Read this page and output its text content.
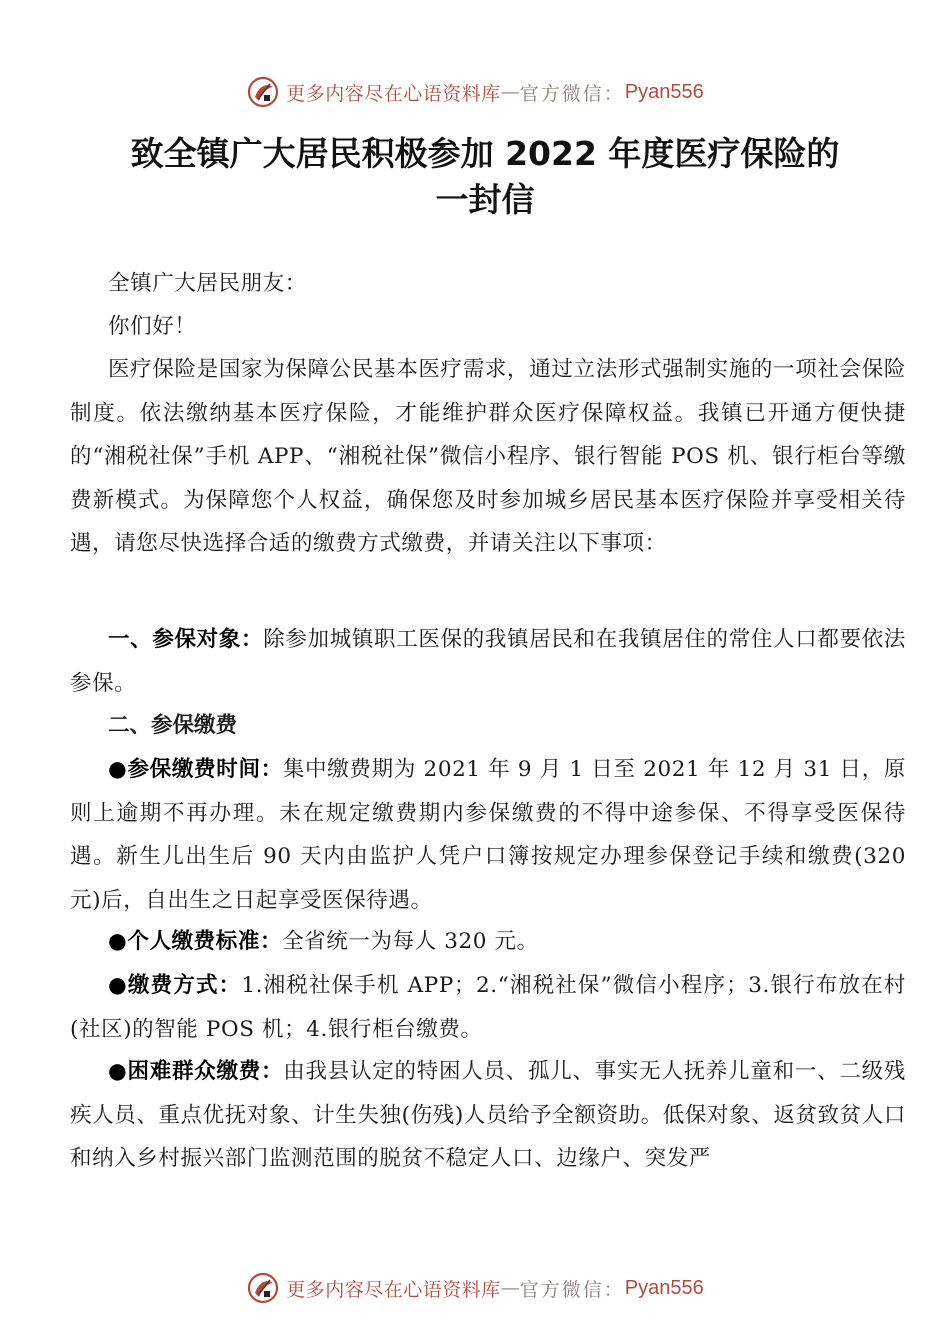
更多内容尽在心语资料库 — 官方微信： Pyan556
致全镇广大居民积极参加 2022 年度医疗保险的
一封信
全镇广大居民朋友：
你们好！

医疗保险是国家为保障公民基本医疗需求，通过立法形式强制实施的一项社会保险制度。依法缴纳基本医疗保险，才能维护群众医疗保障权益。我镇已开通方便快捷的“湘税社保”手机 APP、“湘税社保”微信小程序、银行智能 POS 机、银行柜台等缴费新模式。为保障您个人权益，确保您及时参加城乡居民基本医疗保险并享受相关待遇，请您尽快选择合适的缴费方式缴费，并请关注以下事项：

一、参保对象：除参加城镇职工医保的我镇居民和在我镇居住的常住人口都要依法参保。

二、参保缴费

●参保缴费时间：集中缴费期为 2021 年 9 月 1 日至 2021 年 12 月 31 日，原则上逾期不再办理。未在规定缴费期内参保缴费的不得中途参保、不得享受医保待遇。新生儿出生后 90 天内由监护人凭户口簿按规定办理参保登记手续和缴费(320 元)后，自出生之日起享受医保待遇。

●个人缴费标准：全省统一为每人 320 元。

●缴费方式：1.湘税社保手机 APP；2.“湘税社保”微信小程序；3.银行布放在村(社区)的智能 POS 机；4.银行柜台缴费。

●困难群众缴费：由我县认定的特困人员、孤儿、事实无人抚养儿童和一、二级残疾人员、重点优抚对象、计生失独(伤残)人员给予全额资助。低保对象、返贫致贫人口和纳入乡村振兴部门监测范围的脱贫不稳定人口、边缘户、突发严

更多内容尽在心语资料库 — 官方微信： Pyan556
